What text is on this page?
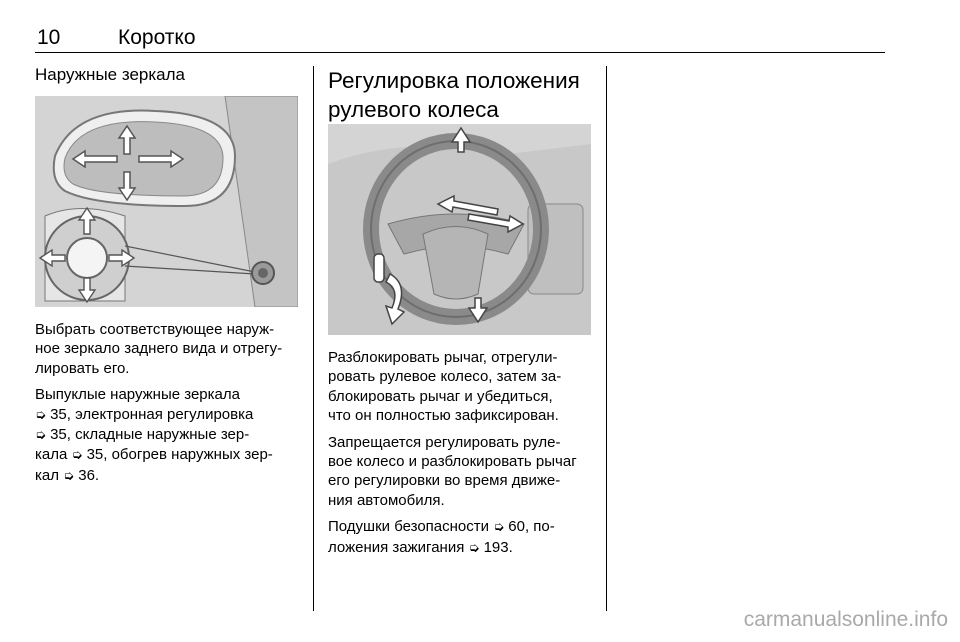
10	Коротко
Наружные зеркала

Выбрать соответствующее наруж-
ное зеркало заднего вида и отрегу-
лировать его.

Выпуклые наружные зеркала
➭ 35, электронная регулировка
➭ 35, складные наружные зер-
кала ➭ 35, обогрев наружных зер-
кал ➭ 36.

Регулировка положения рулевого колеса

Разблокировать рычаг, отрегули-
ровать рулевое колесо, затем за-
блокировать рычаг и убедиться,
что он полностью зафиксирован.

Запрещается регулировать руле-
вое колесо и разблокировать рычаг
его регулировки во время движе-
ния автомобиля.

Подушки безопасности ➭ 60, по-
ложения зажигания ➭ 193.

carmanualsonline.info
